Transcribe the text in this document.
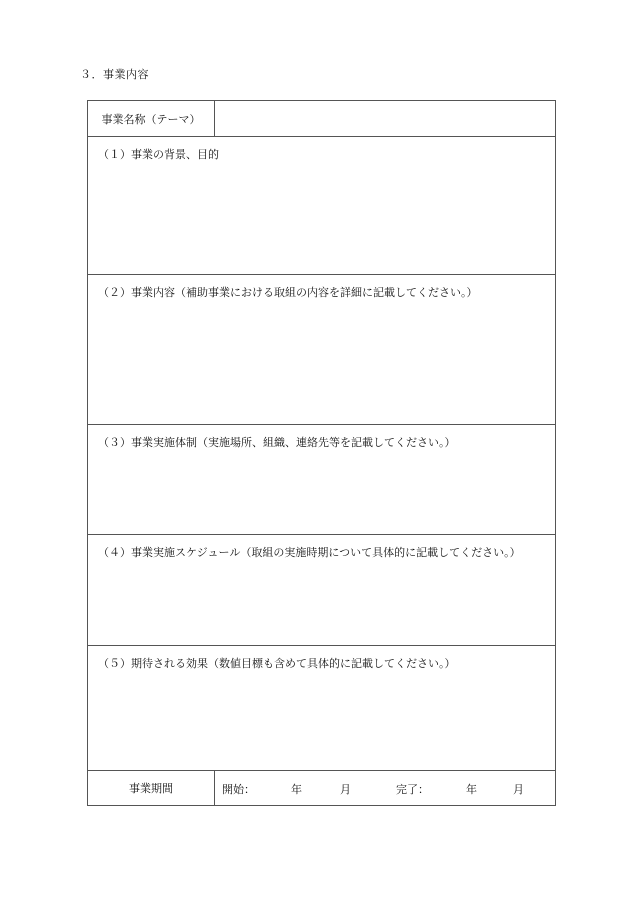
３．事業内容
事業名称（テーマ）
（１）事業の背景、目的
（２）事業内容（補助事業における取組の内容を詳細に記載してください。）
（３）事業実施体制（実施場所、組織、連絡先等を記載してください。）
（４）事業実施スケジュール（取組の実施時期について具体的に記載してください。）
（５）期待される効果（数値目標も含めて具体的に記載してください。）
事業期間	開始：	年	月	完了：	年	月
